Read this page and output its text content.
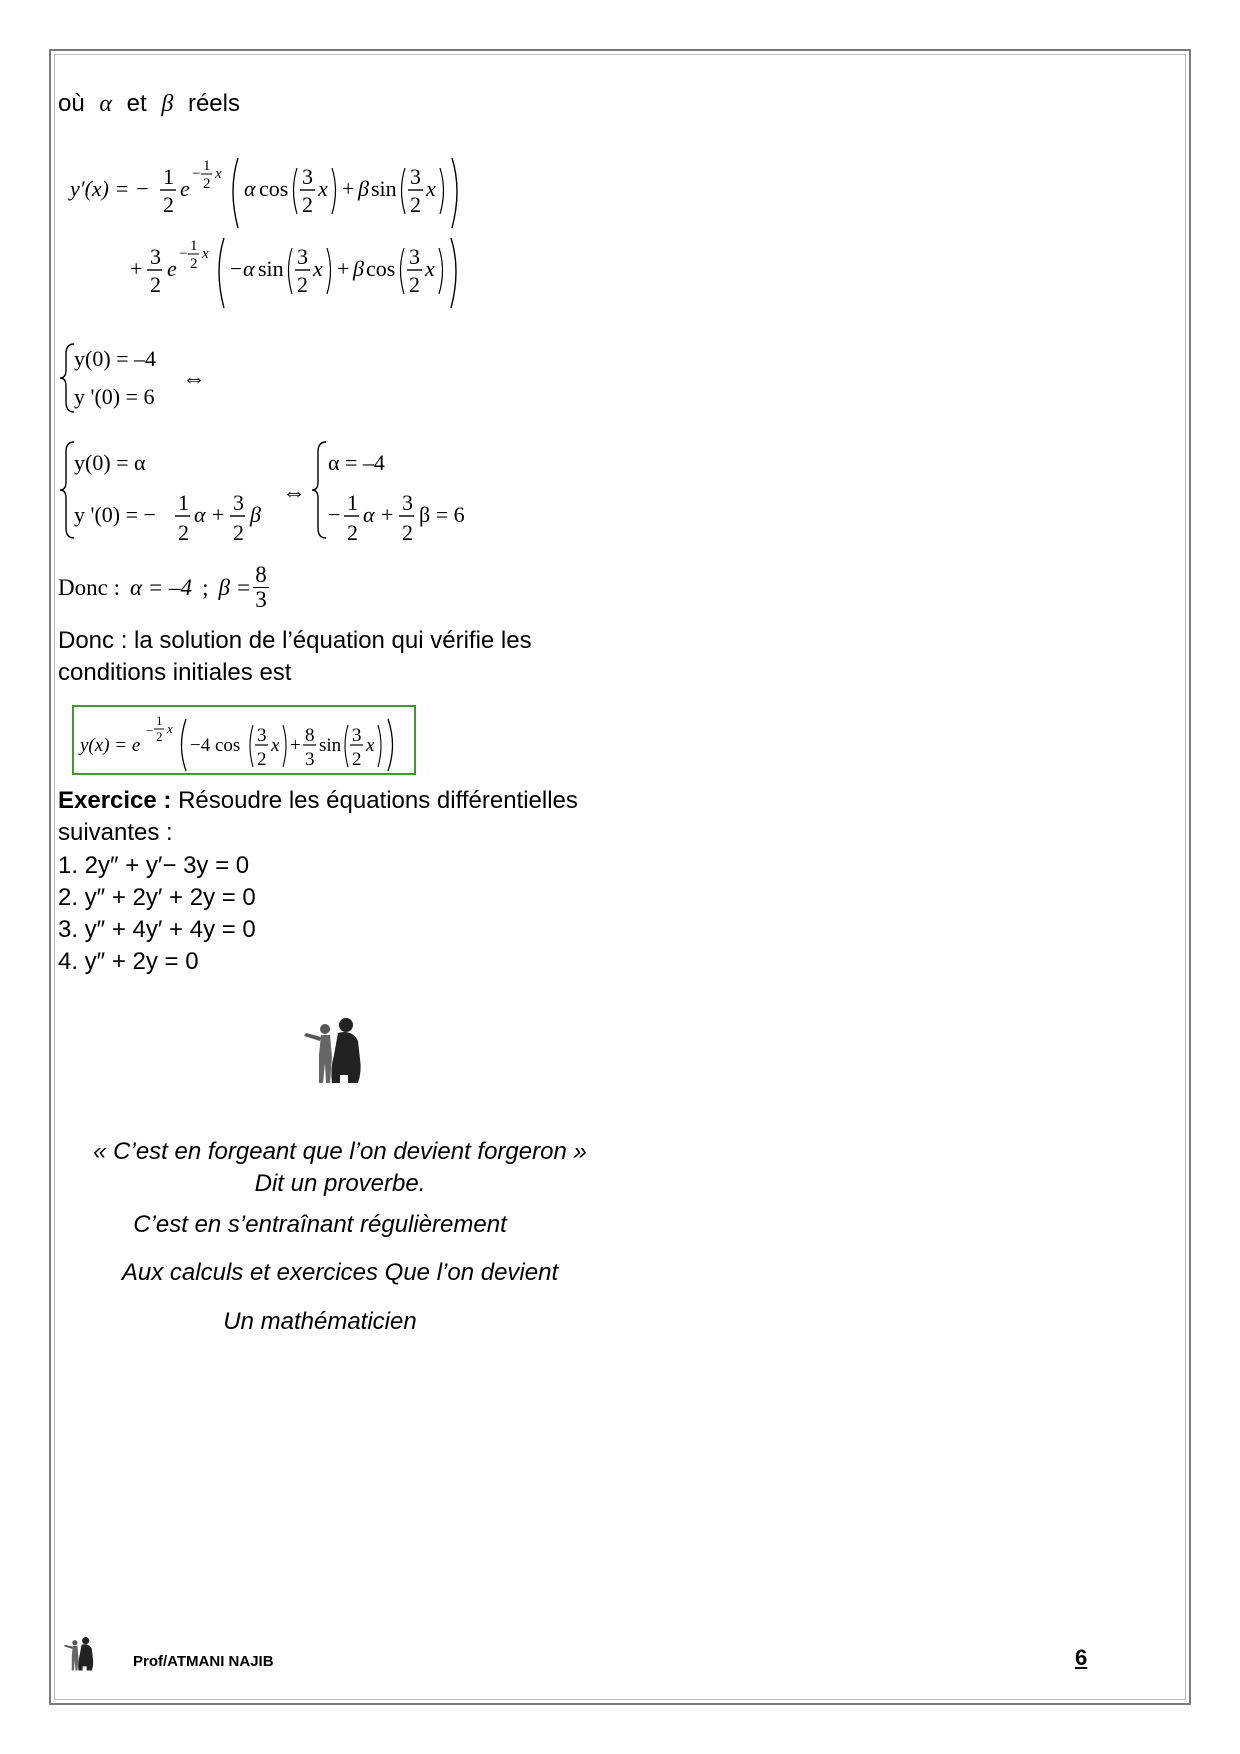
où α et β réels
y′(x) = − 1
2
e
− 1
2
x
α cos 3
2
x + β sin 3
2
x
+ 3
2
e
− 1
2
x
− α sin 3
2
x + β cos 3
2
x
y(0) = –4
y '(0) = 6
⇔
y(0) = α
y '(0) = − 1
2
α + 3
2
β
⇔
α = –4
− 1
2
α + 3
2
β = 6
Donc : α = –4 ; $\beta = \frac{8}{3}$
Donc : la solution de l’équation qui vérifie les
conditions initiales est
y(x) = e
−
1
2
x
−4 cos 3
2
x + 8
3
sin 3
2
x
Exercice : Résoudre les équations différentielles
suivantes :
1. 2y″ + y′− 3y = 0
2. y″ + 2y′ + 2y = 0
3. y″ + 4y′ + 4y = 0
4. y″ + 2y = 0
« C’est en forgeant que l’on devient forgeron »
Dit un proverbe.
C’est en s’entraînant régulièrement
Aux calculs et exercices Que l’on devient
Un mathématicien
Prof/ATMANI NAJIB	6
